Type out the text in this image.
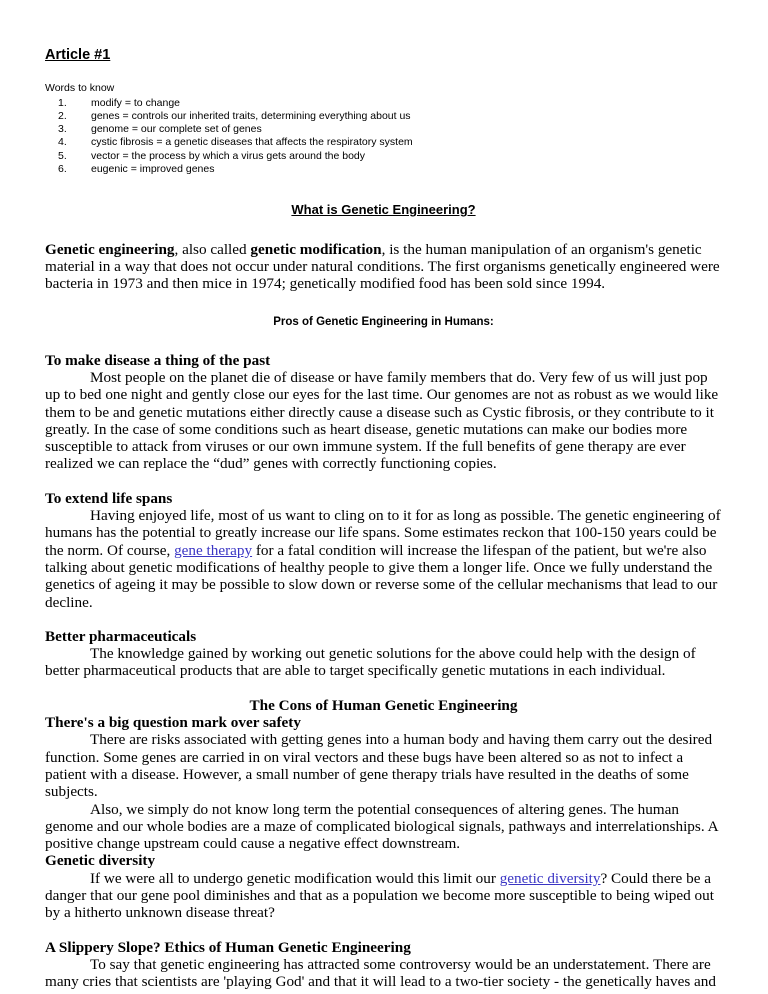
Article #1

Words to know

modify = to change
genes = controls our inherited traits, determining everything about us
genome = our complete set of genes
cystic fibrosis = a genetic diseases that affects the respiratory system
vector = the process by which a virus gets around the body
eugenic = improved genes

What is Genetic Engineering?

Genetic engineering, also called genetic modification, is the human manipulation of an organism's genetic material in a way that does not occur under natural conditions. The first organisms genetically engineered were bacteria in 1973 and then mice in 1974; genetically modified food has been sold since 1994.

Pros of Genetic Engineering in Humans:

To make disease a thing of the past

Most people on the planet die of disease or have family members that do. Very few of us will just pop up to bed one night and gently close our eyes for the last time. Our genomes are not as robust as we would like them to be and genetic mutations either directly cause a disease such as Cystic fibrosis, or they contribute to it greatly. In the case of some conditions such as heart disease, genetic mutations can make our bodies more susceptible to attack from viruses or our own immune system. If the full benefits of gene therapy are ever realized we can replace the “dud” genes with correctly functioning copies.

To extend life spans

Having enjoyed life, most of us want to cling on to it for as long as possible. The genetic engineering of humans has the potential to greatly increase our life spans. Some estimates reckon that 100-150 years could be the norm. Of course, gene therapy for a fatal condition will increase the lifespan of the patient, but we're also talking about genetic modifications of healthy people to give them a longer life. Once we fully understand the genetics of ageing it may be possible to slow down or reverse some of the cellular mechanisms that lead to our decline.

Better pharmaceuticals

The knowledge gained by working out genetic solutions for the above could help with the design of better pharmaceutical products that are able to target specifically genetic mutations in each individual.

The Cons of Human Genetic Engineering

There's a big question mark over safety

There are risks associated with getting genes into a human body and having them carry out the desired function. Some genes are carried in on viral vectors and these bugs have been altered so as not to infect a patient with a disease. However, a small number of gene therapy trials have resulted in the deaths of some subjects.

Also, we simply do not know long term the potential consequences of altering genes. The human genome and our whole bodies are a maze of complicated biological signals, pathways and interrelationships. A positive change upstream could cause a negative effect downstream.

Genetic diversity

If we were all to undergo genetic modification would this limit our genetic diversity? Could there be a danger that our gene pool diminishes and that as a population we become more susceptible to being wiped out by a hitherto unknown disease threat?

A Slippery Slope? Ethics of Human Genetic Engineering

To say that genetic engineering has attracted some controversy would be an understatement. There are many cries that scientists are 'playing God' and that it will lead to a two-tier society - the genetically haves and
